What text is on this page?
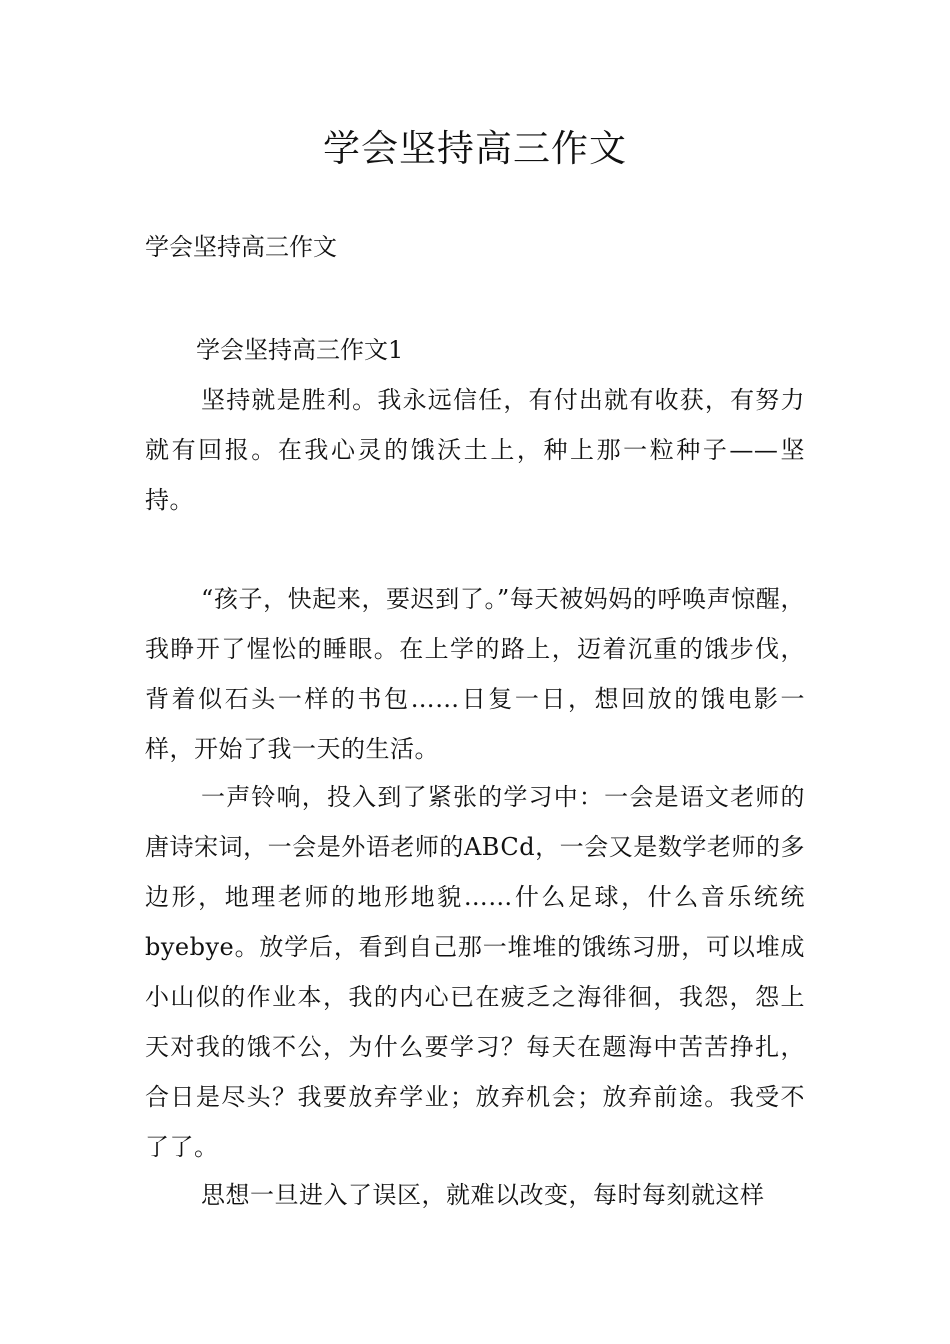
学会坚持高三作文

学会坚持高三作文

学会坚持高三作文1

坚持就是胜利。我永远信任，有付出就有收获，有努力就有回报。在我心灵的饿沃土上，种上那一粒种子——坚持。

“孩子，快起来，要迟到了。”每天被妈妈的呼唤声惊醒，我睁开了惺忪的睡眼。在上学的路上，迈着沉重的饿步伐，背着似石头一样的书包……日复一日，想回放的饿电影一样，开始了我一天的生活。

一声铃响，投入到了紧张的学习中：一会是语文老师的唐诗宋词，一会是外语老师的ABCd，一会又是数学老师的多边形，地理老师的地形地貌……什么足球，什么音乐统统byebye。放学后，看到自己那一堆堆的饿练习册，可以堆成小山似的作业本，我的内心已在疲乏之海徘徊，我怨，怨上天对我的饿不公，为什么要学习？每天在题海中苦苦挣扎，合日是尽头？我要放弃学业；放弃机会；放弃前途。我受不了了。

思想一旦进入了误区，就难以改变，每时每刻就这样
